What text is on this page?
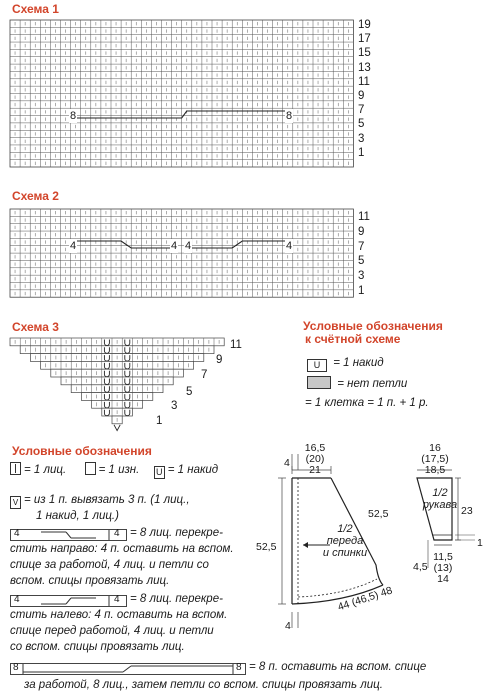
Схема 1
19
17
15
13
11
9
7
5
3
1
8	8
Схема 2
11
9
7
5
3
1
4	4 4	4
Схема 3
11
9
7
5
3
1
Условные обозначения
к счётной схеме
U = 1 накид
= нет петли
= 1 клетка = 1 п. + 1 р.
Условные обозначения
= 1 лиц.	= 1 изн. U = 1 накид
V = из 1 п. вывязать 3 п. (1 лиц.,
1 накид, 1 лиц.)
4	4 = 8 лиц. перекре-
стить направо: 4 п. оставить на вспом.
спице за работой, 4 лиц. и петли со
вспом. спицы провязать лиц.
4	4 = 8 лиц. перекре-
стить налево: 4 п. оставить на вспом.
спице перед работой, 4 лиц. и петли
со вспом. спицы провязать лиц.
8	8 = 8 п. оставить на вспом. спице
за работой, 8 лиц., затем петли со вспом. спицы провязать лиц.
16,5
(20)
21
4
52,5
52,5
1/2
переда
и спинки
44 (46,5) 48
4
16
(17,5)
18,5
1/2
рукава 23
4,5
1
11,5
(13)
14
